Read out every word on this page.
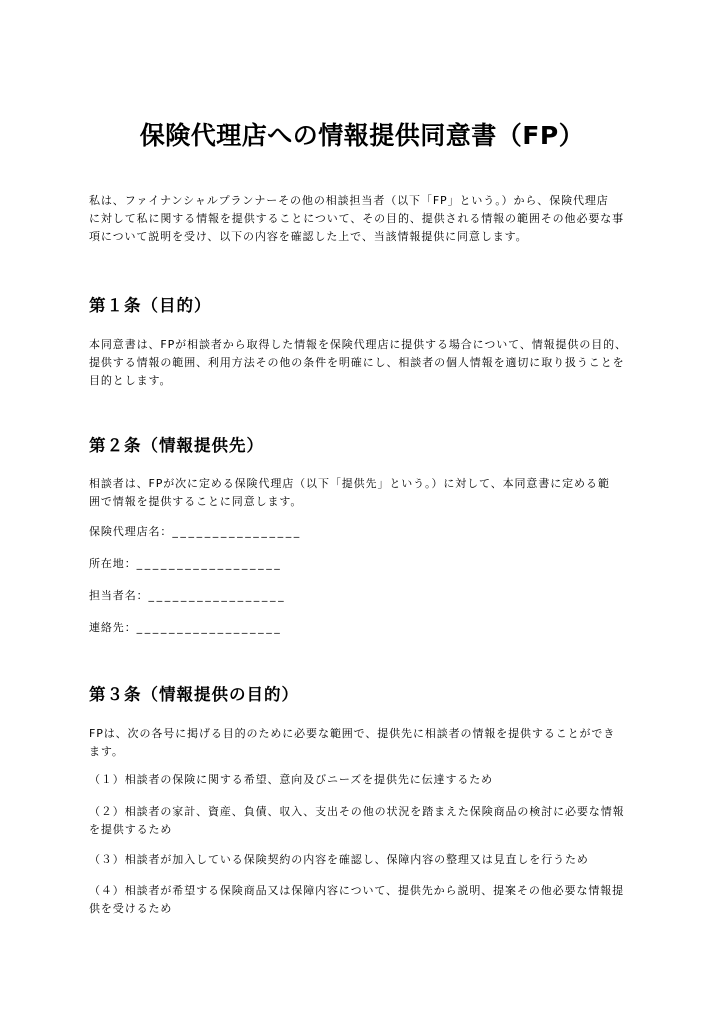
保険代理店への情報提供同意書（FP）
私は、ファイナンシャルプランナーその他の相談担当者（以下「FP」という。）から、保険代理店
に対して私に関する情報を提供することについて、その目的、提供される情報の範囲その他必要な事
項について説明を受け、以下の内容を確認した上で、当該情報提供に同意します。
第１条（目的）
本同意書は、FPが相談者から取得した情報を保険代理店に提供する場合について、情報提供の目的、
提供する情報の範囲、利用方法その他の条件を明確にし、相談者の個人情報を適切に取り扱うことを
目的とします。
第２条（情報提供先）
相談者は、FPが次に定める保険代理店（以下「提供先」という。）に対して、本同意書に定める範
囲で情報を提供することに同意します。
保険代理店名：________________
所在地：__________________
担当者名：_________________
連絡先：__________________
第３条（情報提供の目的）
FPは、次の各号に掲げる目的のために必要な範囲で、提供先に相談者の情報を提供することができ
ます。
（１）相談者の保険に関する希望、意向及びニーズを提供先に伝達するため
（２）相談者の家計、資産、負債、収入、支出その他の状況を踏まえた保険商品の検討に必要な情報
を提供するため
（３）相談者が加入している保険契約の内容を確認し、保障内容の整理又は見直しを行うため
（４）相談者が希望する保険商品又は保障内容について、提供先から説明、提案その他必要な情報提
供を受けるため
